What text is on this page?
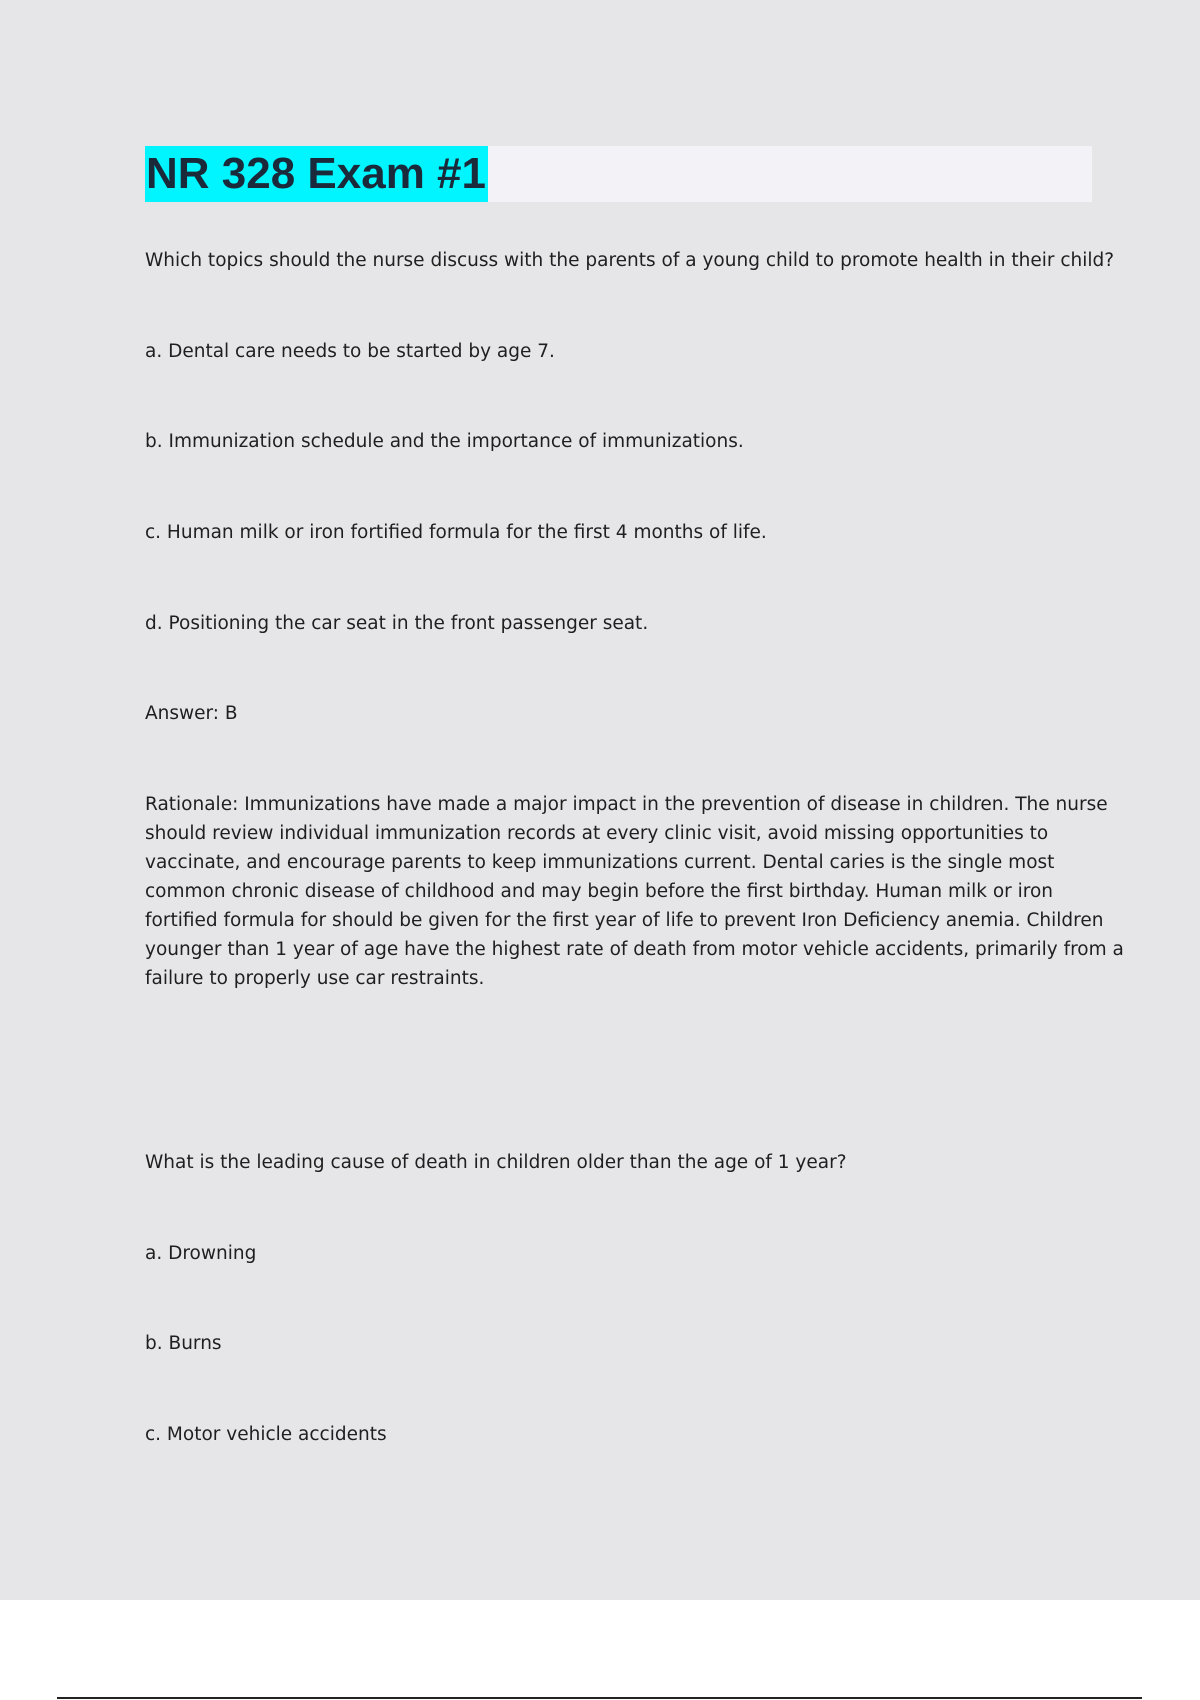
NR 328 Exam #1
Which topics should the nurse discuss with the parents of a young child to promote health in their child?
a. Dental care needs to be started by age 7.
b. Immunization schedule and the importance of immunizations.
c. Human milk or iron fortified formula for the first 4 months of life.
d. Positioning the car seat in the front passenger seat.
Answer: B
Rationale: Immunizations have made a major impact in the prevention of disease in children. The nurse
should review individual immunization records at every clinic visit, avoid missing opportunities to
vaccinate, and encourage parents to keep immunizations current. Dental caries is the single most
common chronic disease of childhood and may begin before the first birthday. Human milk or iron
fortified formula for should be given for the first year of life to prevent Iron Deficiency anemia. Children
younger than 1 year of age have the highest rate of death from motor vehicle accidents, primarily from a
failure to properly use car restraints.
What is the leading cause of death in children older than the age of 1 year?
a. Drowning
b. Burns
c. Motor vehicle accidents
